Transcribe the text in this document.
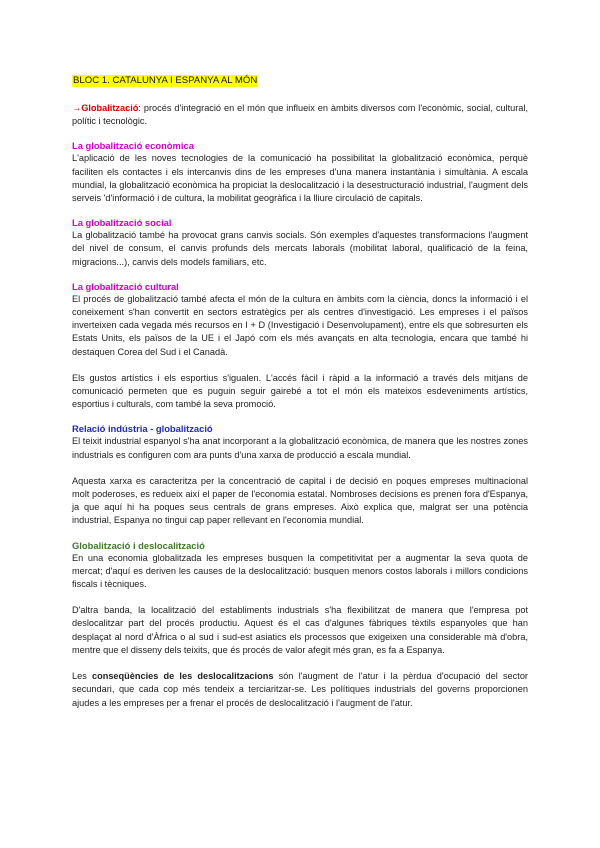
BLOC 1. CATALUNYA I ESPANYA AL MÓN

→Globalització: procés d'integració en el món que influeix en àmbits diversos com l'econòmic, social, cultural, polític i tecnològic.

La globalització econòmica

L'aplicació de les noves tecnologies de la comunicació ha possibilitat la globalització econòmica, perquè faciliten els contactes i els intercanvis dins de les empreses d'una manera instantània i simultània. A escala mundial, la globalització econòmica ha propiciat la deslocalització i la desestructuració industrial, l'augment dels serveis 'd'informació i de cultura, la mobilitat geogràfica i la lliure circulació de capitals.

La globalització social

La globalització també ha provocat grans canvis socials. Són exemples d'aquestes transformacions l'augment del nivel de consum, el canvis profunds dels mercats laborals (mobilitat laboral, qualificació de la feina, migracions...), canvis dels models familiars, etc.

La globalització cultural

El procés de globalització també afecta el món de la cultura en àmbits com la ciència, doncs la informació i el coneixement s'han convertit en sectors estratègics per als centres d'investigació. Les empreses i el països inverteixen cada vegada més recursos en I + D (Investigació i Desenvolupament), entre els que sobresurten els Estats Units, els països de la UE i el Japó com els més avançats en alta tecnologia, encara que també hi destaquen Corea del Sud i el Canadà.

Els gustos artístics i els esportius s'igualen. L'accés fàcil i ràpid a la informació a través dels mitjans de comunicació permeten que es puguin seguir gairebé a tot el món els mateixos esdeveniments artístics, esportius i culturals, com també la seva promoció.

Relació indústria - globalització

El teixit industrial espanyol s'ha anat incorporant a la globalització econòmica, de manera que les nostres zones industrials es configuren com ara punts d'una xarxa de producció a escala mundial.

Aquesta xarxa es caracteritza per la concentració de capital i de decisió en poques empreses multinacional molt poderoses, es redueix així el paper de l'economia estatal. Nombroses decisions es prenen fora d'Espanya, ja que aquí hi ha poques seus centrals de grans empreses. Això explica que, malgrat ser una potència industrial, Espanya no tingui cap paper rellevant en l'economia mundial.

Globalització i deslocalització

En una economia globalitzada les empreses busquen la competitivitat per a augmentar la seva quota de mercat; d'aquí es deriven les causes de la deslocalització: busquen menors costos laborals i millors condicions fiscals i tècniques.

D'altra banda, la localització del establiments industrials s'ha flexibilitzat de manera que l'empresa pot deslocalitzar part del procés productiu. Aquest és el cas d'algunes fàbriques tèxtils espanyoles que han desplaçat al nord d'Àfrica o al sud i sud-est asiatics els processos que exigeixen una considerable mà d'obra, mentre que el disseny dels teixits, que és procés de valor afegit més gran, es fa a Espanya.

Les conseqüències de les deslocalitzacions són l'augment de l'atur i la pèrdua d'ocupació del sector secundari, que cada cop més tendeix a terciaritzar-se. Les polítiques industrials del governs proporcionen ajudes a les empreses per a frenar el procés de deslocalització i l'augment de l'atur.
